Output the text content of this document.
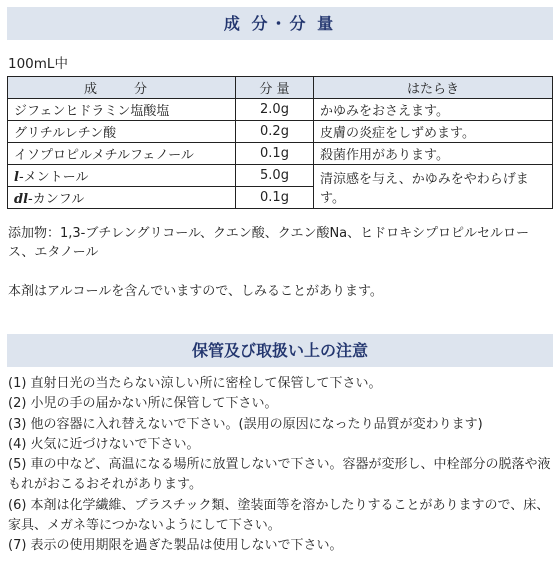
成 分・分 量
100mL中
成　分	分 量	はたらき
ジフェンヒドラミン塩酸塩	2.0g	かゆみをおさえます。
グリチルレチン酸	0.2g	皮膚の炎症をしずめます。
イソプロピルメチルフェノール	0.1g	殺菌作用があります。
l-メントール	5.0g	清涼感を与え、かゆみをやわらげます。
dl-カンフル	0.1g	
添加物：1,3-ブチレングリコール、クエン酸、クエン酸Na、ヒドロキシプロピルセルロース、エタノール
本剤はアルコールを含んでいますので、しみることがあります。
保管及び取扱い上の注意
(1) 直射日光の当たらない涼しい所に密栓して保管して下さい。
(2) 小児の手の届かない所に保管して下さい。
(3) 他の容器に入れ替えないで下さい。(誤用の原因になったり品質が変わります)
(4) 火気に近づけないで下さい。
(5) 車の中など、高温になる場所に放置しないで下さい。容器が変形し、中栓部分の脱落や液もれがおこるおそれがあります。
(6) 本剤は化学繊維、プラスチック類、塗装面等を溶かしたりすることがありますので、床、家具、メガネ等につかないようにして下さい。
(7) 表示の使用期限を過ぎた製品は使用しないで下さい。
